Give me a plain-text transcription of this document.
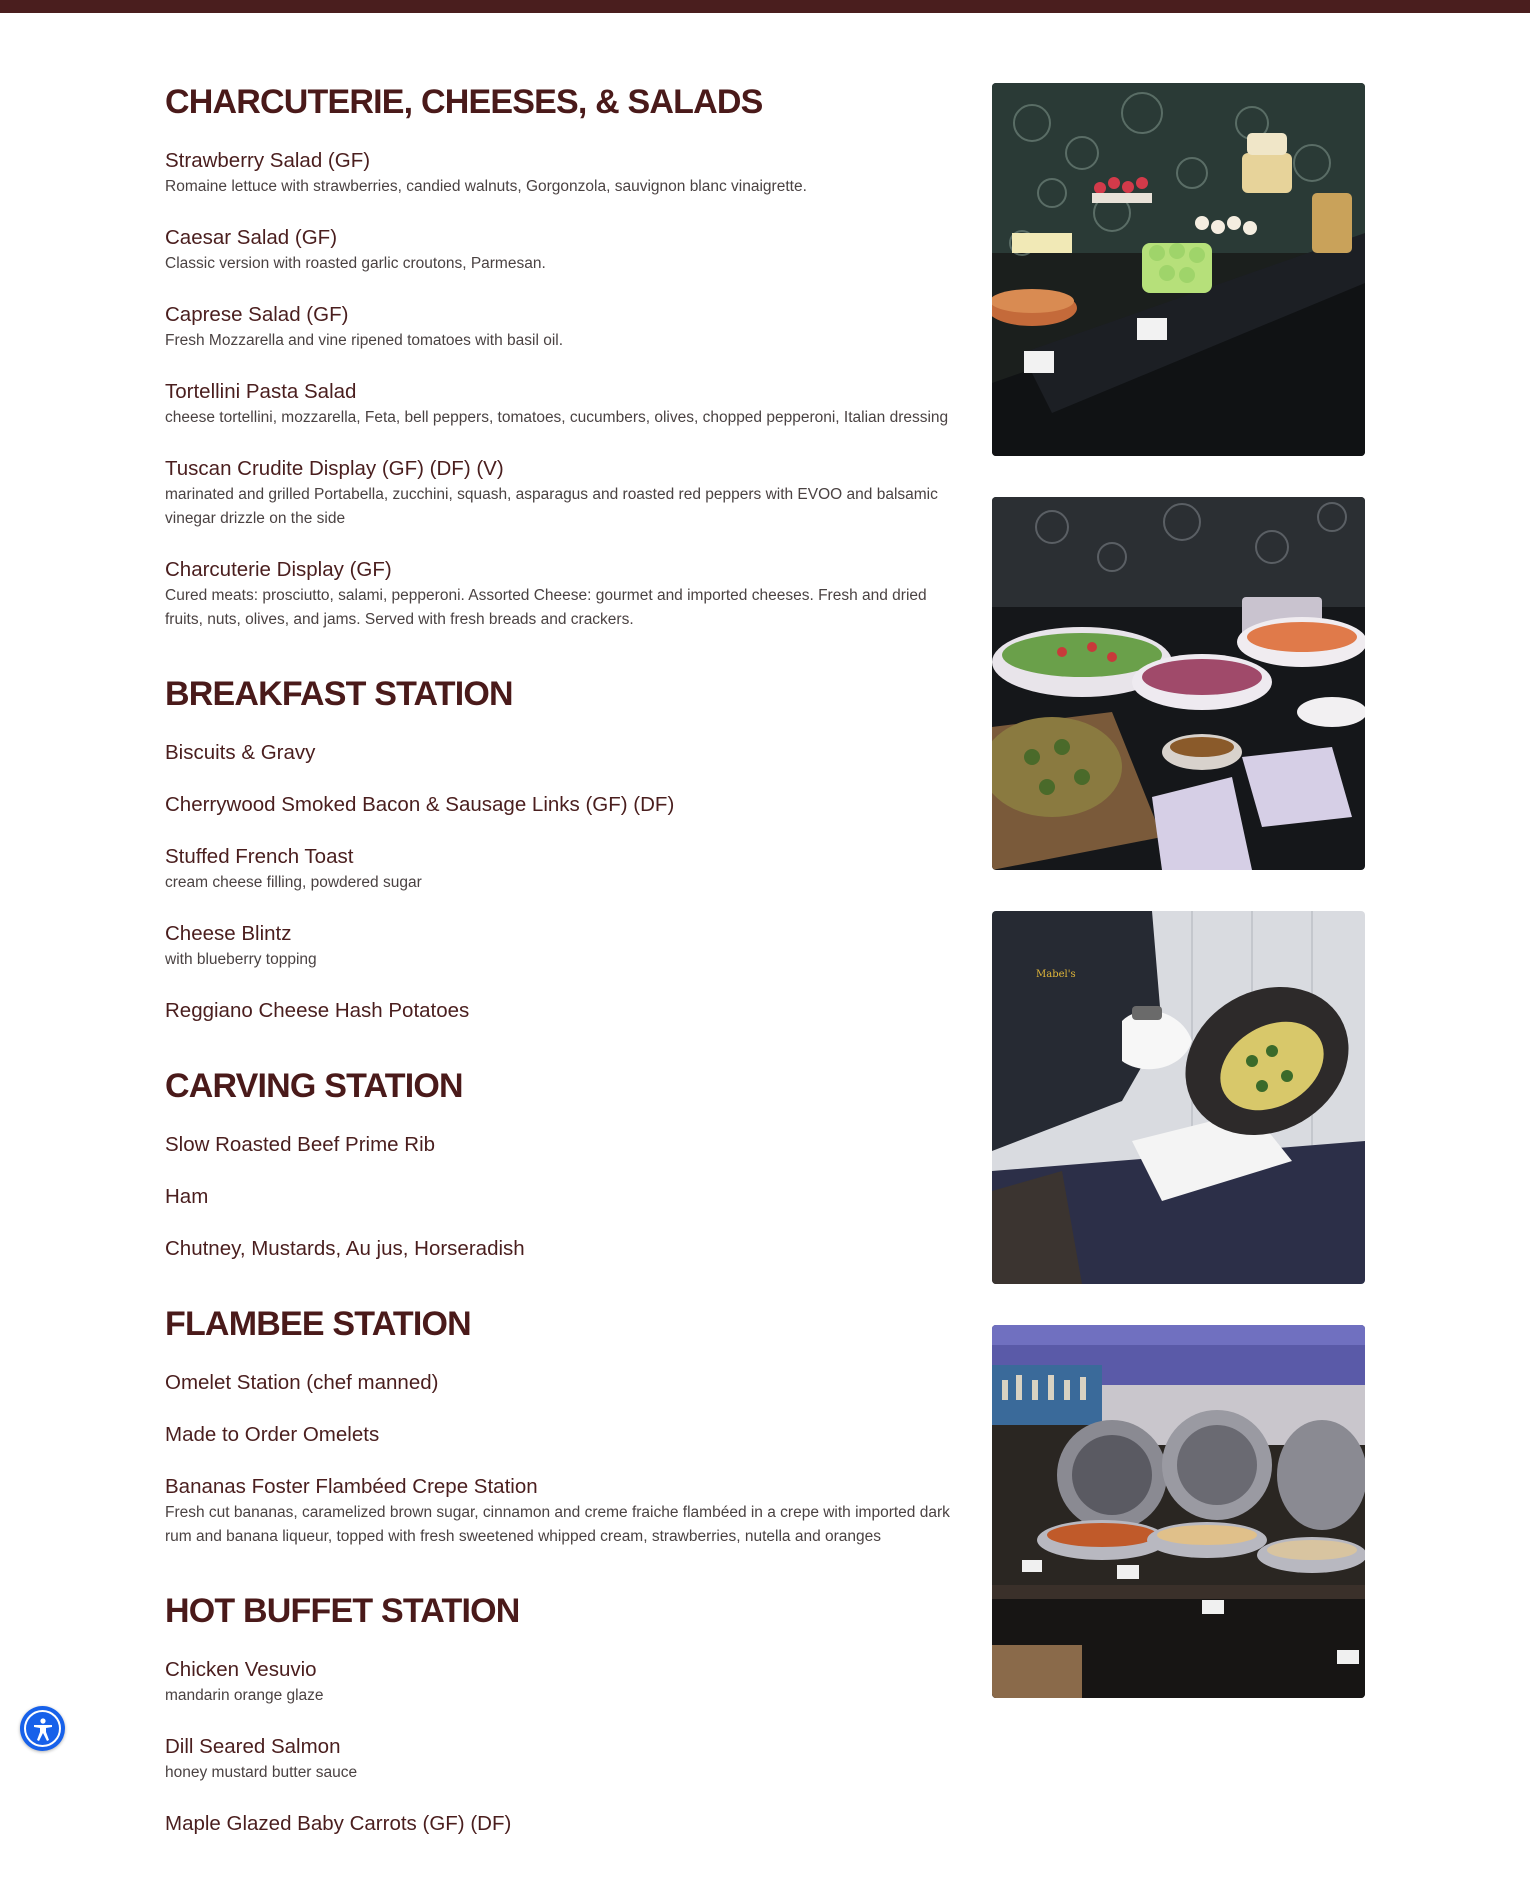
CHARCUTERIE, CHEESES, & SALADS
Strawberry Salad (GF)
Romaine lettuce with strawberries, candied walnuts, Gorgonzola, sauvignon blanc vinaigrette.
Caesar Salad (GF)
Classic version with roasted garlic croutons, Parmesan.
Caprese Salad (GF)
Fresh Mozzarella and vine ripened tomatoes with basil oil.
Tortellini Pasta Salad
cheese tortellini, mozzarella, Feta, bell peppers, tomatoes, cucumbers, olives, chopped pepperoni, Italian dressing
Tuscan Crudite Display (GF) (DF) (V)
marinated and grilled Portabella, zucchini, squash, asparagus and roasted red peppers with EVOO and balsamic vinegar drizzle on the side
Charcuterie Display (GF)
Cured meats: prosciutto, salami, pepperoni. Assorted Cheese: gourmet and imported cheeses. Fresh and dried fruits, nuts, olives, and jams. Served with fresh breads and crackers.
BREAKFAST STATION
Biscuits & Gravy
Cherrywood Smoked Bacon & Sausage Links (GF) (DF)
Stuffed French Toast
cream cheese filling, powdered sugar
Cheese Blintz
with blueberry topping
Reggiano Cheese Hash Potatoes
CARVING STATION
Slow Roasted Beef Prime Rib
Ham
Chutney, Mustards, Au jus, Horseradish
FLAMBEE STATION
Omelet Station (chef manned)
Made to Order Omelets
Bananas Foster Flambéed Crepe Station
Fresh cut bananas, caramelized brown sugar, cinnamon and creme fraiche flambéed in a crepe with imported dark rum and banana liqueur, topped with fresh sweetened whipped cream, strawberries, nutella and oranges
HOT BUFFET STATION
Chicken Vesuvio
mandarin orange glaze
Dill Seared Salmon
honey mustard butter sauce
Maple Glazed Baby Carrots (GF) (DF)
Mabel's
